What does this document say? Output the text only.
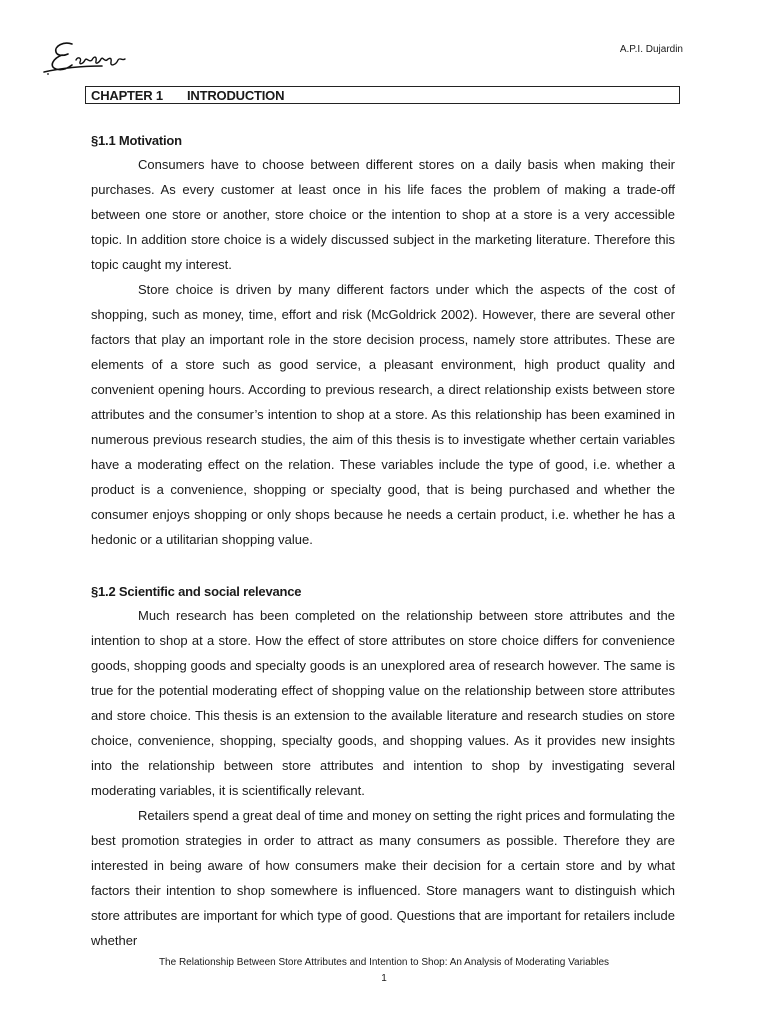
A.P.I. Dujardin
CHAPTER 1 INTRODUCTION
§1.1 Motivation

Consumers have to choose between different stores on a daily basis when making their purchases. As every customer at least once in his life faces the problem of making a trade-off between one store or another, store choice or the intention to shop at a store is a very accessible topic. In addition store choice is a widely discussed subject in the marketing literature. Therefore this topic caught my interest.

Store choice is driven by many different factors under which the aspects of the cost of shopping, such as money, time, effort and risk (McGoldrick 2002). However, there are several other factors that play an important role in the store decision process, namely store attributes. These are elements of a store such as good service, a pleasant environment, high product quality and convenient opening hours. According to previous research, a direct relationship exists between store attributes and the consumer’s intention to shop at a store. As this relationship has been examined in numerous previous research studies, the aim of this thesis is to investigate whether certain variables have a moderating effect on the relation. These variables include the type of good, i.e. whether a product is a convenience, shopping or specialty good, that is being purchased and whether the consumer enjoys shopping or only shops because he needs a certain product, i.e. whether he has a hedonic or a utilitarian shopping value.

§1.2 Scientific and social relevance

Much research has been completed on the relationship between store attributes and the intention to shop at a store. How the effect of store attributes on store choice differs for convenience goods, shopping goods and specialty goods is an unexplored area of research however. The same is true for the potential moderating effect of shopping value on the relationship between store attributes and store choice. This thesis is an extension to the available literature and research studies on store choice, convenience, shopping, specialty goods, and shopping values. As it provides new insights into the relationship between store attributes and intention to shop by investigating several moderating variables, it is scientifically relevant.

Retailers spend a great deal of time and money on setting the right prices and formulating the best promotion strategies in order to attract as many consumers as possible. Therefore they are interested in being aware of how consumers make their decision for a certain store and by what factors their intention to shop somewhere is influenced. Store managers want to distinguish which store attributes are important for which type of good. Questions that are important for retailers include whether

The Relationship Between Store Attributes and Intention to Shop: An Analysis of Moderating Variables
1
